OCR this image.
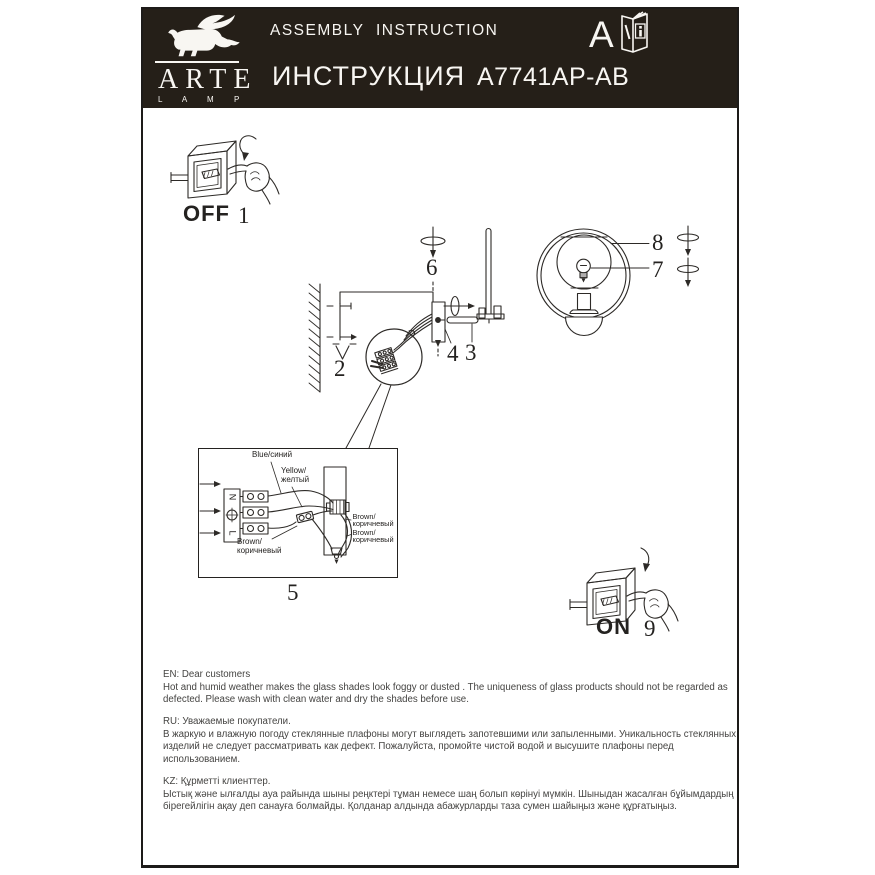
ARTE
L A M P
ASSEMBLY INSTRUCTION
ИНСТРУКЦИЯ A7741AP-AB
A
OFF 1
2
6
4 3
8
7
N
L
Blue/синий
Yellow/
желтый
Brown/
коричневый
Brown/
коричневый
Brown/
коричневый
5
ON 9
EN: Dear customers
Hot and humid weather makes the glass shades look foggy or dusted . The uniqueness of glass products should not be regarded as defected. Please wash with clean water and dry the shades before use.
RU: Уважаемые покупатели.
В жаркую и влажную погоду стеклянные плафоны могут выглядеть запотевшими или запыленными. Уникальность стеклянных изделий не следует рассматривать как дефект. Пожалуйста, промойте чистой водой и высушите плафоны перед использованием.
KZ: Құрметті клиенттер.
Ыстық және ылғалды ауа райында шыны реңктері тұман немесе шаң болып көрінуі мүмкін. Шыныдан жасалған бұйымдардың бірегейлігін ақау деп санауға болмайды. Қолданар алдында абажурларды таза сумен шайыңыз және құрғатыңыз.
